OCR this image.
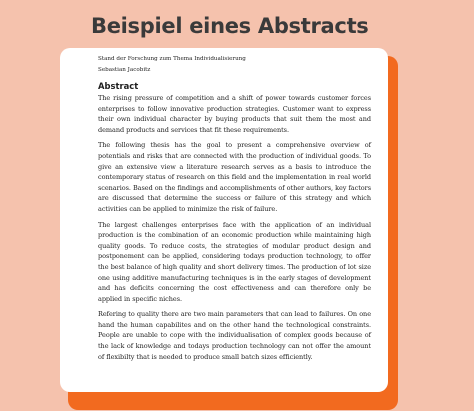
Beispiel eines Abstracts

Stand der Forschung zum Thema Individualisierung

Sebastian Jacobitz

Abstract

The rising pressure of competition and a shift of power towards customer forces enterprises to follow innovative production strategies. Customer want to express their own individual character by buying products that suit them the most and demand products and services that fit these requirements.

The following thesis has the goal to present a comprehensive overview of potentials and risks that are connected with the production of individual goods. To give an extensive view a literature research serves as a basis to introduce the contemporary status of research on this field and the implementation in real world scenarios. Based on the findings and accomplishments of other authors, key factors are discussed that determine the success or failure of this strategy and which activities can be applied to minimize the risk of failure.

The largest challenges enterprises face with the application of an individual production is the combination of an economic production while maintaining high quality goods. To reduce costs, the strategies of modular product design and postponement can be applied, considering todays production technology, to offer the best balance of high quality and short delivery times. The production of lot size one using additive manufacturing techniques is in the early stages of development and has deficits concerning the cost effectiveness and can therefore only be applied in specific niches.

Refering to quality there are two main parameters that can lead to failures. On one hand the human capabilites and on the other hand the technological constraints. People are unable to cope with the individualisation of complex goods because of the lack of knowledge and todays production technology can not offer the amount of flexibilty that is needed to produce small batch sizes efficiently.
